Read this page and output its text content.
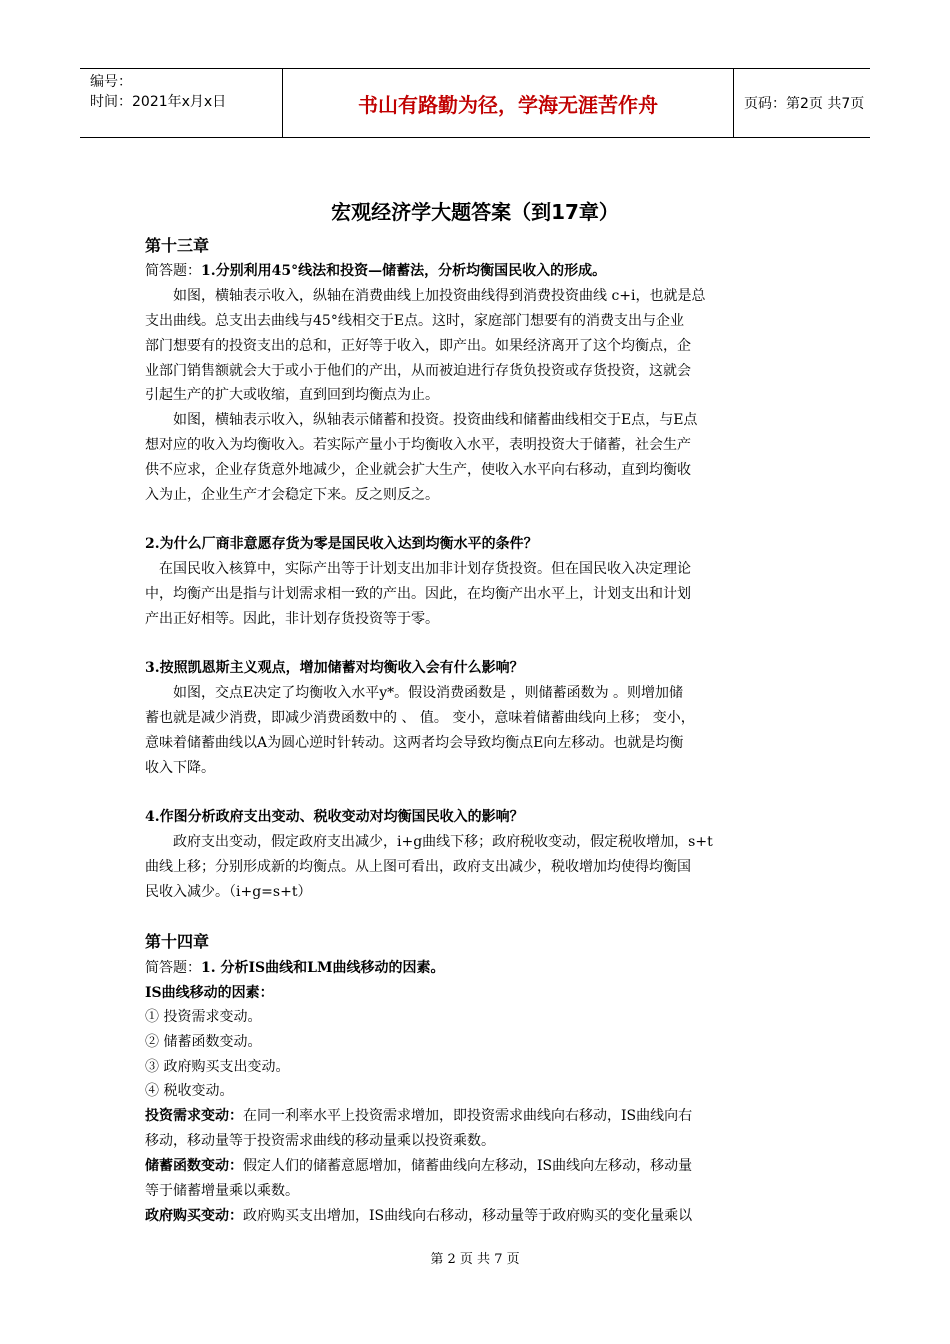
编号：
时间：2021年x月x日	书山有路勤为径，学海无涯苦作舟	页码：第2页 共7页
宏观经济学大题答案（到17章）
第十三章
简答题：1.分别利用45°线法和投资—储蓄法，分析均衡国民收入的形成。
　　如图，横轴表示收入，纵轴在消费曲线上加投资曲线得到消费投资曲线 c+i，也就是总
支出曲线。总支出去曲线与45°线相交于E点。这时，家庭部门想要有的消费支出与企业
部门想要有的投资支出的总和，正好等于收入，即产出。如果经济离开了这个均衡点，企
业部门销售额就会大于或小于他们的产出，从而被迫进行存货负投资或存货投资，这就会
引起生产的扩大或收缩，直到回到均衡点为止。
　　如图，横轴表示收入，纵轴表示储蓄和投资。投资曲线和储蓄曲线相交于E点，与E点
想对应的收入为均衡收入。若实际产量小于均衡收入水平，表明投资大于储蓄，社会生产
供不应求，企业存货意外地减少，企业就会扩大生产，使收入水平向右移动，直到均衡收
入为止，企业生产才会稳定下来。反之则反之。
2.为什么厂商非意愿存货为零是国民收入达到均衡水平的条件？
　在国民收入核算中，实际产出等于计划支出加非计划存货投资。但在国民收入决定理论
中，均衡产出是指与计划需求相一致的产出。因此，在均衡产出水平上，计划支出和计划
产出正好相等。因此，非计划存货投资等于零。
3.按照凯恩斯主义观点，增加储蓄对均衡收入会有什么影响？
　　如图，交点E决定了均衡收入水平y*。假设消费函数是 ，则储蓄函数为 。则增加储
蓄也就是减少消费，即减少消费函数中的 、 值。 变小，意味着储蓄曲线向上移； 变小，
意味着储蓄曲线以A为圆心逆时针转动。这两者均会导致均衡点E向左移动。也就是均衡
收入下降。
4.作图分析政府支出变动、税收变动对均衡国民收入的影响？
　　政府支出变动，假定政府支出减少，i+g曲线下移；政府税收变动，假定税收增加，s+t
曲线上移；分别形成新的均衡点。从上图可看出，政府支出减少，税收增加均使得均衡国
民收入减少。（i+g=s+t）
第十四章
简答题：1. 分析IS曲线和LM曲线移动的因素。
IS曲线移动的因素：
① 投资需求变动。
② 储蓄函数变动。
③ 政府购买支出变动。
④ 税收变动。
投资需求变动：在同一利率水平上投资需求增加，即投资需求曲线向右移动，IS曲线向右
移动，移动量等于投资需求曲线的移动量乘以投资乘数。
储蓄函数变动：假定人们的储蓄意愿增加，储蓄曲线向左移动，IS曲线向左移动，移动量
等于储蓄增量乘以乘数。
政府购买变动：政府购买支出增加，IS曲线向右移动，移动量等于政府购买的变化量乘以
第 2 页 共 7 页
